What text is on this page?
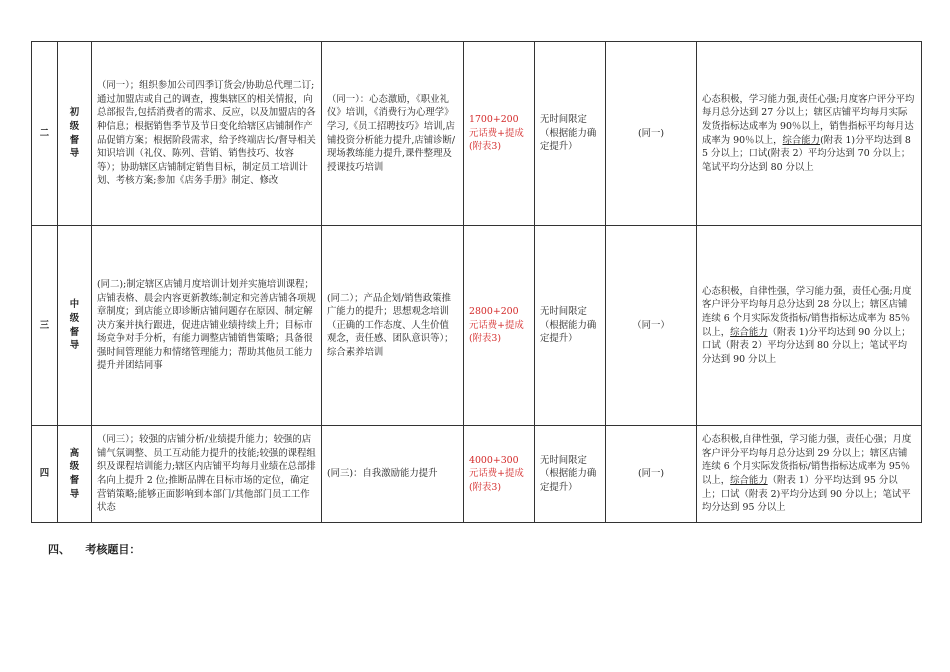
二	初
级
督
导	（同一）；组织参加公司四季订货会/协助总代理二订;通过加盟店或自己的调查，搜集辖区的相关情报，向总部报告,包括消费者的需求、反应，以及加盟店的各种信息；根据销售季节及节日变化给辖区店铺制作产品促销方案；根据阶段需求，给予终端店长/督导相关知识培训（礼仪、陈列、营销、销售技巧、妆容等）；协助辖区店铺制定销售目标，制定员工培训计划、考核方案;参加《店务手册》制定、修改	（同一）：心态激励，《职业礼仪》培训，《消费行为心理学》学习,《员工招聘技巧》培训,店铺投资分析能力提升,店铺诊断/现场教练能力提升,课件整理及授课技巧培训	1700+200 元话费+提成(附表3)	无时间限定（根据能力确定提升）	(同一)	心态积极，学习能力强,责任心强;月度客户评分平均每月总分达到 27 分以上；辖区店铺平均每月实际发货指标达成率为 90％以上，销售指标平均每月达成率为 90％以上，综合能力(附表 1)分平均达到 85 分以上；口试(附表 2）平均分达到 70 分以上；笔试平均分达到 80 分以上
三	中
级
督
导	(同二);制定辖区店铺月度培训计划并实施培训课程；店铺表格、晨会内容更新教练;制定和完善店铺各项规章制度；到店能立即诊断店铺问题存在原因、制定解决方案并执行跟进，促进店铺业绩持续上升；目标市场竞争对手分析，有能力调整店铺销售策略；具备很强时间管理能力和情绪管理能力；帮助其他员工能力提升并团结同事	(同二）；产品企划/销售政策推广能力的提升；思想观念培训（正确的工作态度、人生价值观念，责任感、团队意识等）；综合素养培训	2800+200 元话费+提成(附表3)	无时间限定（根据能力确定提升）	（同一）	心态积极，自律性强，学习能力强，责任心强;月度客户评分平均每月总分达到 28 分以上；辖区店铺连续 6 个月实际发货指标/销售指标达成率为 85％以上，综合能力（附表 1)分平均达到 90 分以上；口试（附表 2）平均分达到 80 分以上；笔试平均分达到 90 分以上
四	高
级
督
导	（同三）；较强的店铺分析/业绩提升能力；较强的店铺气氛调整、员工互动能力提升的技能;较强的课程组织及课程培训能力;辖区内店铺平均每月业绩在总部排名向上提升 2 位;推断品牌在目标市场的定位，确定营销策略;能够正面影响到本部门/其他部门员工工作状态	(同三)：自我激励能力提升	4000+300 元话费+提成(附表3)	无时间限定（根据能力确定提升）	(同一)	心态积极,自律性强，学习能力强，责任心强；月度客户评分平均每月总分达到 29 分以上；辖区店铺连续 6 个月实际发货指标/销售指标达成率为 95％以上，综合能力（附表 1）分平均达到 95 分以上；口试（附表 2)平均分达到 90 分以上；笔试平均分达到 95 分以上
四、 考核题目：
